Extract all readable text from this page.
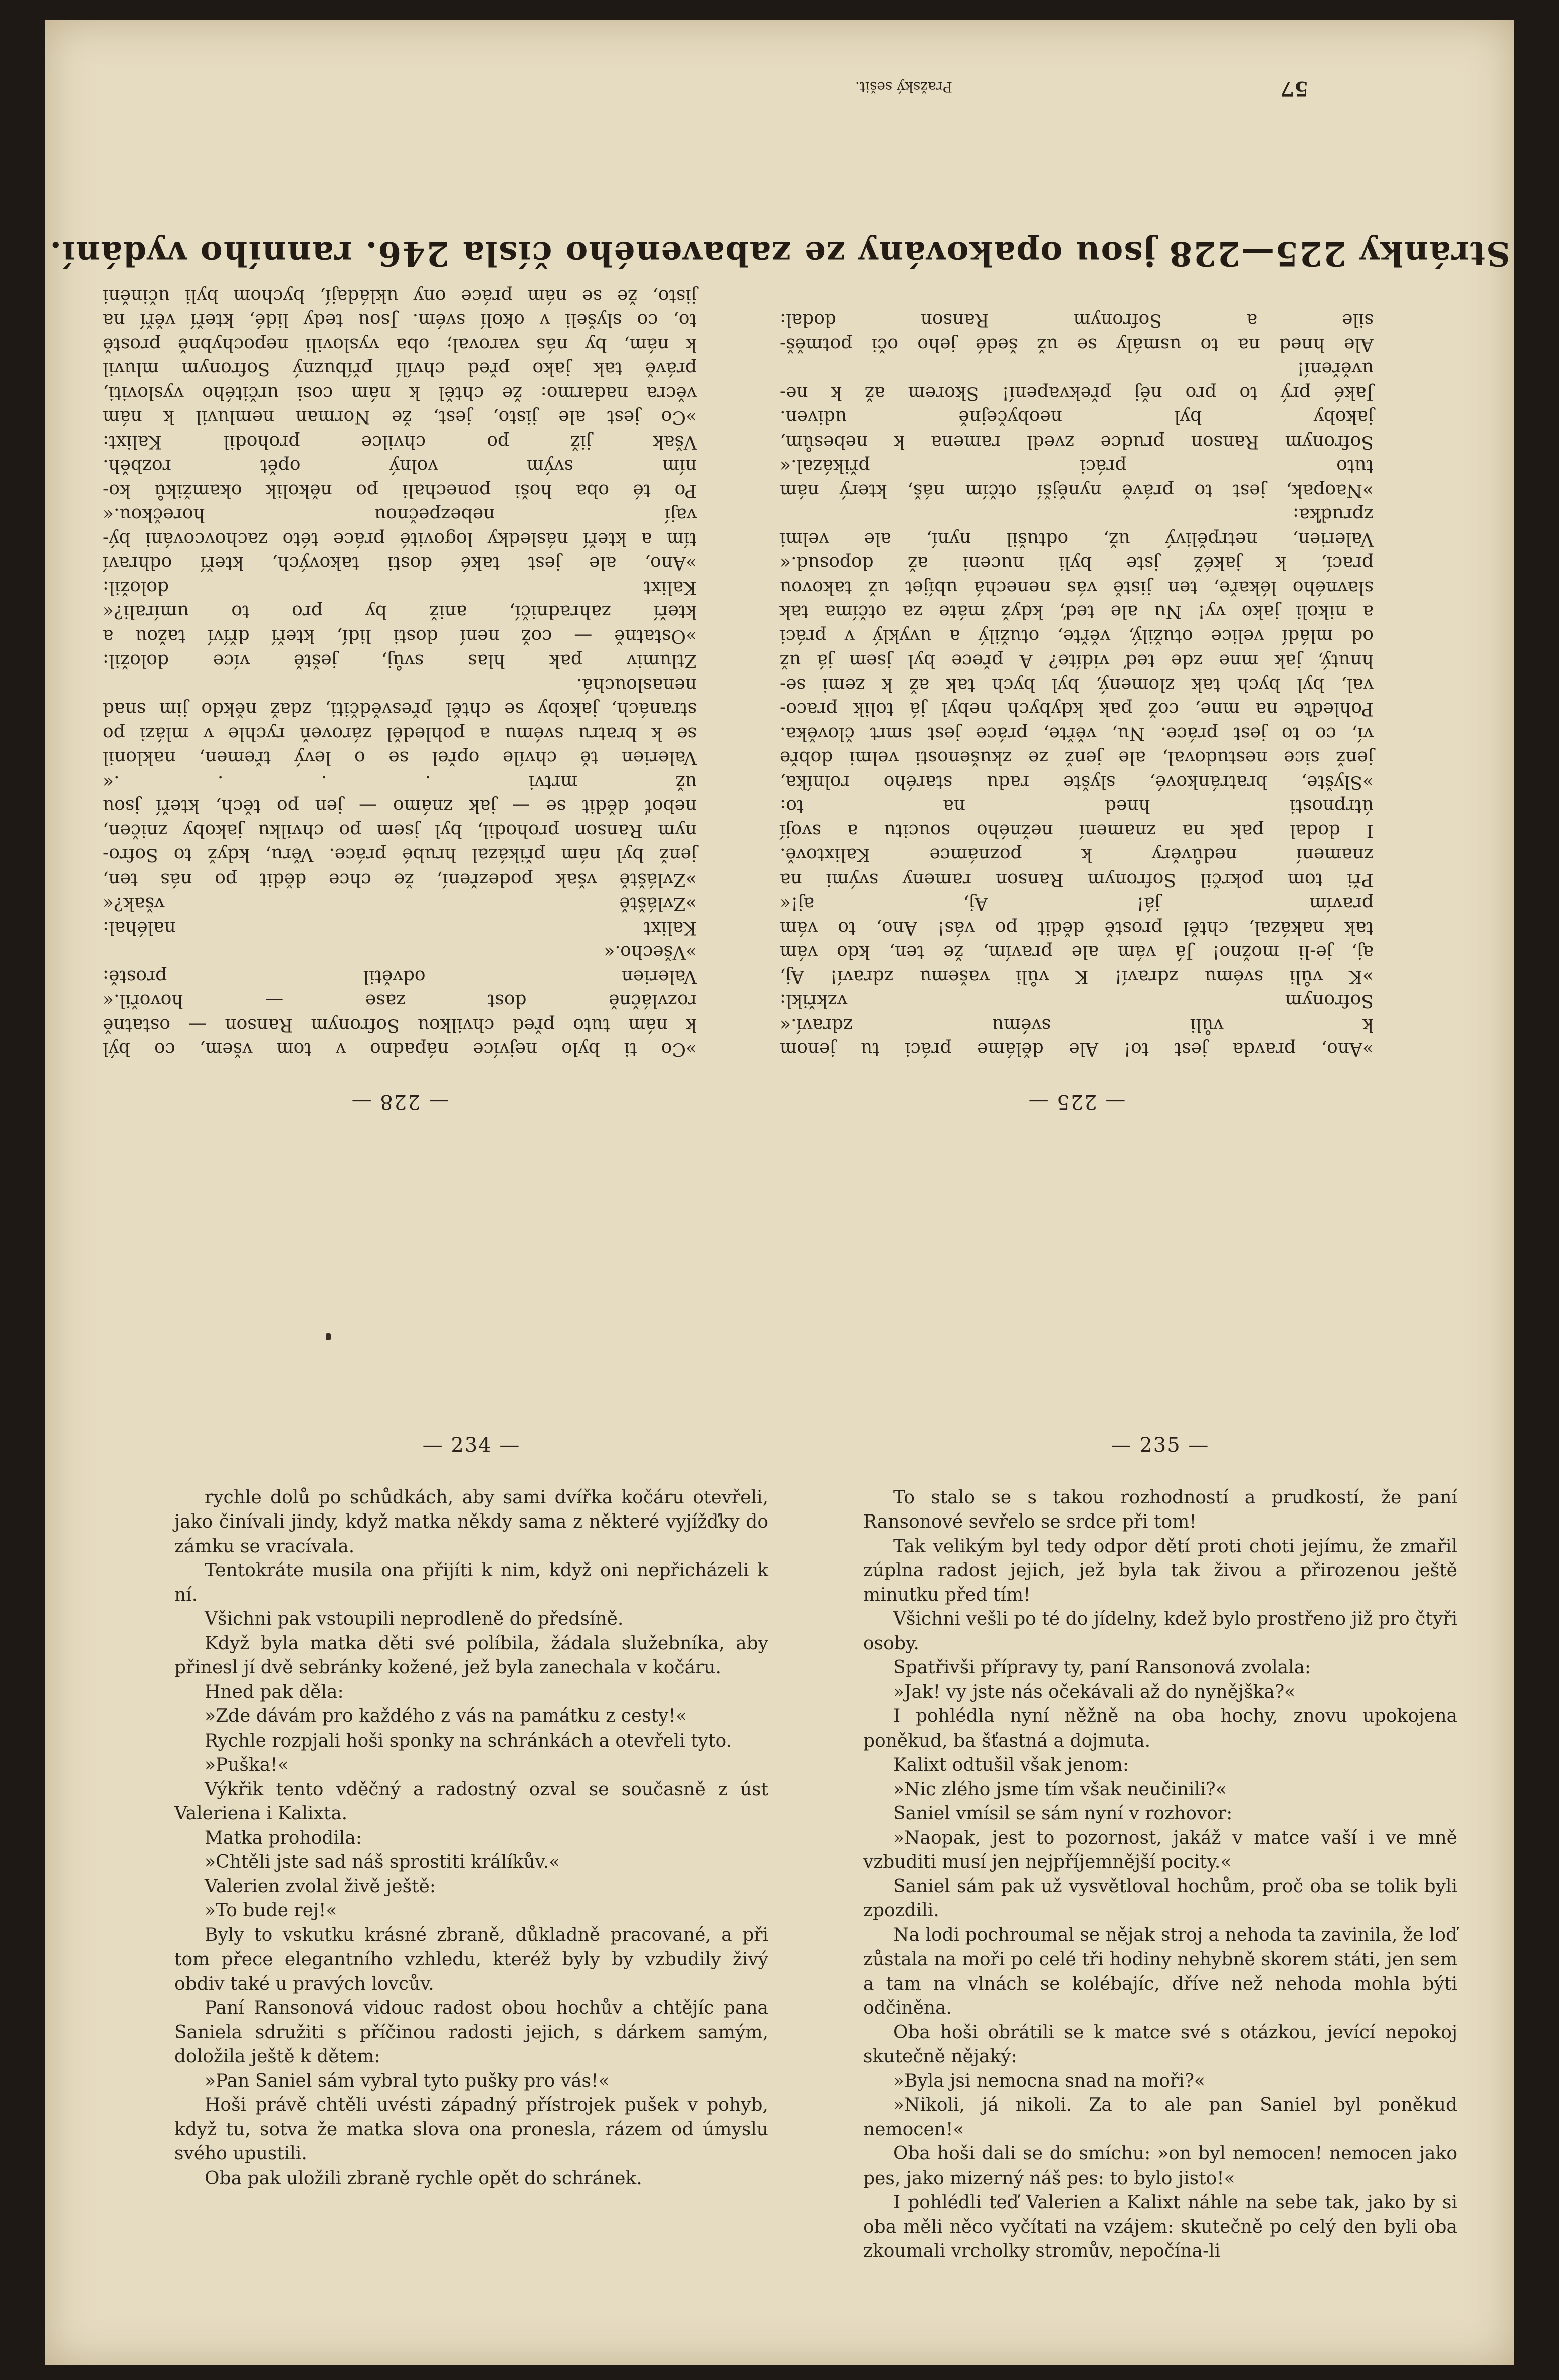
Stránky 225—228 jsou opakovány ze zabaveného čísla 246. ranního vydání.
— 225 —

»Ano, pravda jest to! Ale děláme práci tu jenom

k vůli svému zdraví.«

Sofronym vzkřikl:

»K vůli svému zdraví! K vůli vašemu zdraví! Aj,

aj, je-li možno! Já vám ale pravím, že ten, kdo vám

tak nakázal, chtěl prostě dědit po vás! Ano, to vám

pravím já! Aj, aj!«

Při tom pokrčil Sofronym Ranson rameny svými na

znamení nedůvěry k poznámce Kalixtově.

I dodal pak na znamení nežného soucitu a svojí

útrpnosti hned na to:

»Slyšte, bratránkové, slyšte radu starého rolníka,

jenž sice nestudoval, ale jenž ze zkušenosti velmi dobře

ví, co to jest práce. Nu, věřte, práce jest smrt člověka.

Pohleďte na mne, což pak kdybych nebyl já tolik praco-

val, byl bych tak zlomený, byl bych tak až k zemi se-

hnutý, jak mne zde teď vidíte? A přece byl jsem já už

od mládí velice otužilý, věřte, otužilý a uvyklý v práci

a nikoli jako vy! Nu ale teď, když máte za otčíma tak

slavného lékaře, ten jistě vás nenechá ubíjet už takovou

prací, k jakéž jste byli nuceni až doposud.«

Valerien, netrpělivý už, odtušil nyní, ale velmi

zpruďka:

»Naopak, jest to právě nynější otčím náš, který nám

tuto práci přikázal.«

Sofronym Ranson prudce zvedl ramena k nebesům,

jakoby byl neobyčejně udiven.

Jaké prý to pro něj překvapení! Skorem až k ne-

uvěření!

Ale hned na to usmály se už šedé jeho oči potměš-

sile a Sofronym Ranson dodal:

Pražský sešit.	57
— 228 —

»Co ti bylo nejvíce nápadno v tom všem, co býl

k nám tuto před chvilkou Sofronym Ranson — ostatně

rozvláčně dost zase — hovořil.«

Valerien odvětil prostě:

»Všecho.«

Kalixt naléhal:

»Zvláště však?«

»Zvláště však podezření, že chce dědit po nás ten,

jenž byl nám přikázal hrubé práce. Věru, když to Sofro-

nym Ranson prohodil, byl jsem po chvilku jakoby zničen,

neboť dědit se — jak známo — jen po těch, kteří jsou

už mrtvi . . . .«

Valerien tě chvíle opřel se o levý třemen, naklonil

se k bratru svému a pohleděl zároveň rychle v mlázi po

stranách, jakoby se chtěl přesvědčiti, zdaž někdo jim snad

nenaslouchá.

Ztlumiv pak hlas svůj, ještě více doložil:

»Ostatně — což není dosti lidí, kteří dříví tažou a

kteří zahradničí, aniž by pro to umírali?«

Kalixt doložil:

»Ano, ale jest také dosti takových, kteří odhraví

tím a kteří následky logovité práce této zachovcováni bý-

vají nebezpečnou horečkou.«

Po té oba hoši ponechali po několik okamžiků ko-

ním svým volný opět rozběh.

Však již po chvilce prohodil Kalixt:

»Co jest ale jisto, jest, že Norman nemluvil k nám

věcra nadarmo: že chtěl k nám cosi určitého vysloviti,

právě tak jako před chvílí příbuzný Sofronym mluvil

k nám, by nás varoval; oba vyslovili nepochybně prostě

to, co slyšeli v okolí svém. Jsou tedy lidé, kteří věří na

jisto, že se nám práce ony ukládají, bychom byli učiněni

— 234 —

rychle dolů po schůdkách, aby sami dvířka kočáru otevřeli, jako činívali jindy, když matka někdy sama z některé vyjížďky do zámku se vracívala.

Tentokráte musila ona přijíti k nim, když oni nepřicházeli k ní.

Všichni pak vstoupili neprodleně do předsíně.

Když byla matka děti své políbila, žádala služebníka, aby přinesl jí dvě sebránky kožené, jež byla zanechala v kočáru.

Hned pak děla:

»Zde dávám pro každého z vás na památku z cesty!«

Rychle rozpjali hoši sponky na schránkách a otevřeli tyto.

»Puška!«

Výkřik tento vděčný a radostný ozval se současně z úst Valeriena i Kalixta.

Matka prohodila:

»Chtěli jste sad náš sprostiti králíkův.«

Valerien zvolal živě ještě:

»To bude rej!«

Byly to vskutku krásné zbraně, důkladně pracované, a při tom přece elegantního vzhledu, kteréž byly by vzbudily živý obdiv také u pravých lovcův.

Paní Ransonová vidouc radost obou hochův a chtějíc pana Saniela sdružiti s příčinou radosti jejich, s dárkem samým, doložila ještě k dětem:

»Pan Saniel sám vybral tyto pušky pro vás!«

Hoši právě chtěli uvésti západný přístrojek pušek v pohyb, když tu, sotva že matka slova ona pronesla, rázem od úmyslu svého upustili.

Oba pak uložili zbraně rychle opět do schránek.

— 235 —

To stalo se s takou rozhodností a prudkostí, že paní Ransonové sevřelo se srdce při tom!

Tak velikým byl tedy odpor dětí proti choti jejímu, že zmařil zúplna radost jejich, jež byla tak živou a přirozenou ještě minutku před tím!

Všichni vešli po té do jídelny, kdež bylo prostřeno již pro čtyři osoby.

Spatřivši přípravy ty, paní Ransonová zvolala:

»Jak! vy jste nás očekávali až do nynějška?«

I pohlédla nyní něžně na oba hochy, znovu upokojena poněkud, ba šťastná a dojmuta.

Kalixt odtušil však jenom:

»Nic zlého jsme tím však neučinili?«

Saniel vmísil se sám nyní v rozhovor:

»Naopak, jest to pozornost, jakáž v matce vaší i ve mně vzbuditi musí jen nejpříjemnější pocity.«

Saniel sám pak už vysvětloval hochům, proč oba se tolik byli zpozdili.

Na lodi pochroumal se nějak stroj a nehoda ta zavinila, že loď zůstala na moři po celé tři hodiny nehybně skorem státi, jen sem a tam na vlnách se kolébajíc, dříve než nehoda mohla býti odčiněna.

Oba hoši obrátili se k matce své s otázkou, jevící nepokoj skutečně nějaký:

»Byla jsi nemocna snad na moři?«

»Nikoli, já nikoli. Za to ale pan Saniel byl poněkud nemocen!«

Oba hoši dali se do smíchu: »on byl nemocen! nemocen jako pes, jako mizerný náš pes: to bylo jisto!«

I pohlédli teď Valerien a Kalixt náhle na sebe tak, jako by si oba měli něco vyčítati na vzájem: skutečně po celý den byli oba zkoumali vrcholky stromův, nepočína-li
